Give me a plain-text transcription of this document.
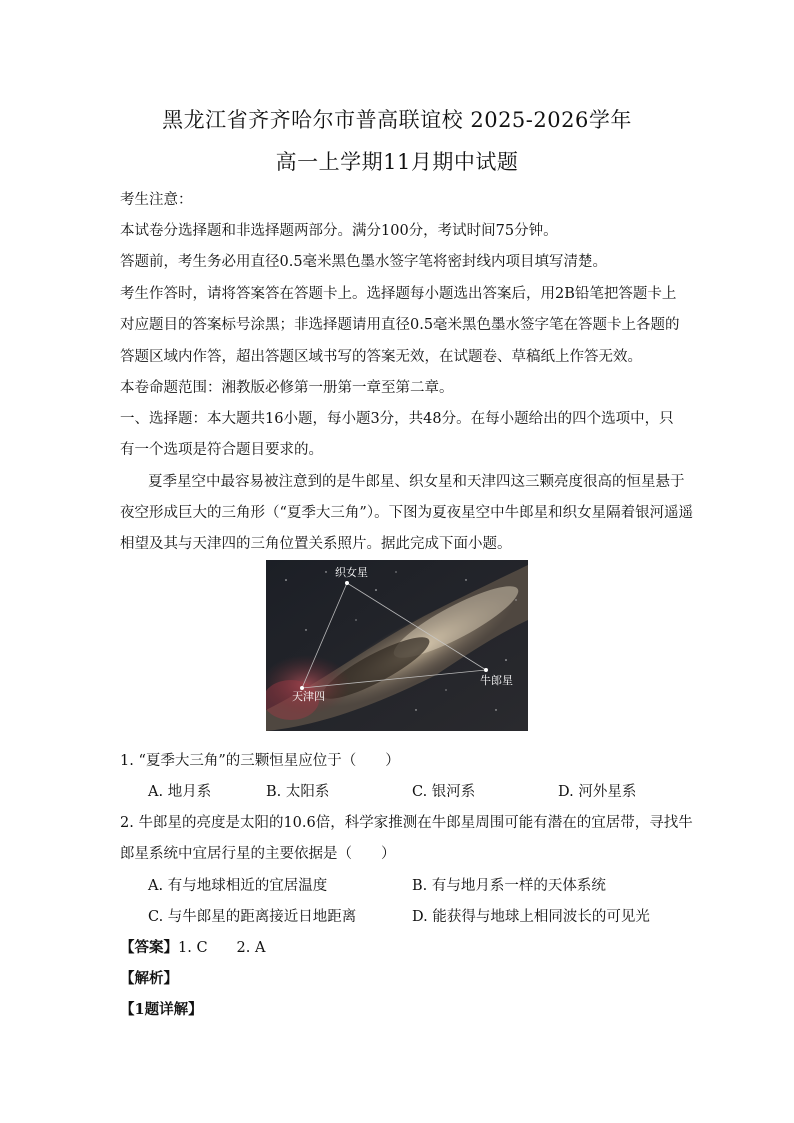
黑龙江省齐齐哈尔市普高联谊校 2025-2026学年
高一上学期11月期中试题
考生注意：
本试卷分选择题和非选择题两部分。满分100分，考试时间75分钟。
答题前，考生务必用直径0.5毫米黑色墨水签字笔将密封线内项目填写清楚。
考生作答时，请将答案答在答题卡上。选择题每小题选出答案后，用2B铅笔把答题卡上
对应题目的答案标号涂黑；非选择题请用直径0.5毫米黑色墨水签字笔在答题卡上各题的
答题区域内作答，超出答题区域书写的答案无效，在试题卷、草稿纸上作答无效。
本卷命题范围：湘教版必修第一册第一章至第二章。
一、选择题：本大题共16小题，每小题3分，共48分。在每小题给出的四个选项中，只
有一个选项是符合题目要求的。
夏季星空中最容易被注意到的是牛郎星、织女星和天津四这三颗亮度很高的恒星悬于
夜空形成巨大的三角形（“夏季大三角”）。下图为夏夜星空中牛郎星和织女星隔着银河遥遥
相望及其与天津四的三角位置关系照片。据此完成下面小题。
织女星
牛郎星
天津四
1. “夏季大三角”的三颗恒星应位于（　　）
A. 地月系	B. 太阳系	C. 银河系	D. 河外星系
2. 牛郎星的亮度是太阳的10.6倍，科学家推测在牛郎星周围可能有潜在的宜居带，寻找牛
郎星系统中宜居行星的主要依据是（　　）
A. 有与地球相近的宜居温度	B. 有与地月系一样的天体系统
C. 与牛郎星的距离接近日地距离	D. 能获得与地球上相同波长的可见光
【答案】1. C　　2. A
【解析】
【1题详解】
